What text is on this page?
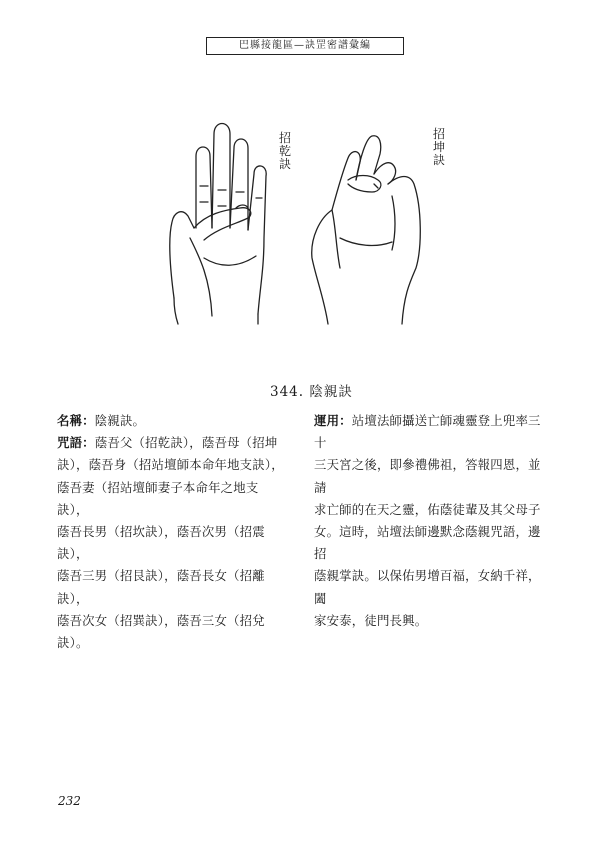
巴縣接龍區—訣罡密譜彙編
招乾訣
招坤訣
344. 陰親訣

名稱：陰親訣。

咒語：蔭吾父（招乾訣），蔭吾母（招坤

訣），蔭吾身（招站壇師本命年地支訣），

蔭吾妻（招站壇師妻子本命年之地支訣），

蔭吾長男（招坎訣），蔭吾次男（招震訣），

蔭吾三男（招艮訣），蔭吾長女（招離訣），

蔭吾次女（招巽訣），蔭吾三女（招兌訣）。

運用：站壇法師攝送亡師魂靈登上兜率三十

三天宮之後，即參禮佛祖，答報四恩，並請

求亡師的在天之靈，佑蔭徒輩及其父母子

女。這時，站壇法師邊默念蔭親咒語，邊招

蔭親掌訣。以保佑男增百福，女納千祥，闔

家安泰，徒門長興。

232
